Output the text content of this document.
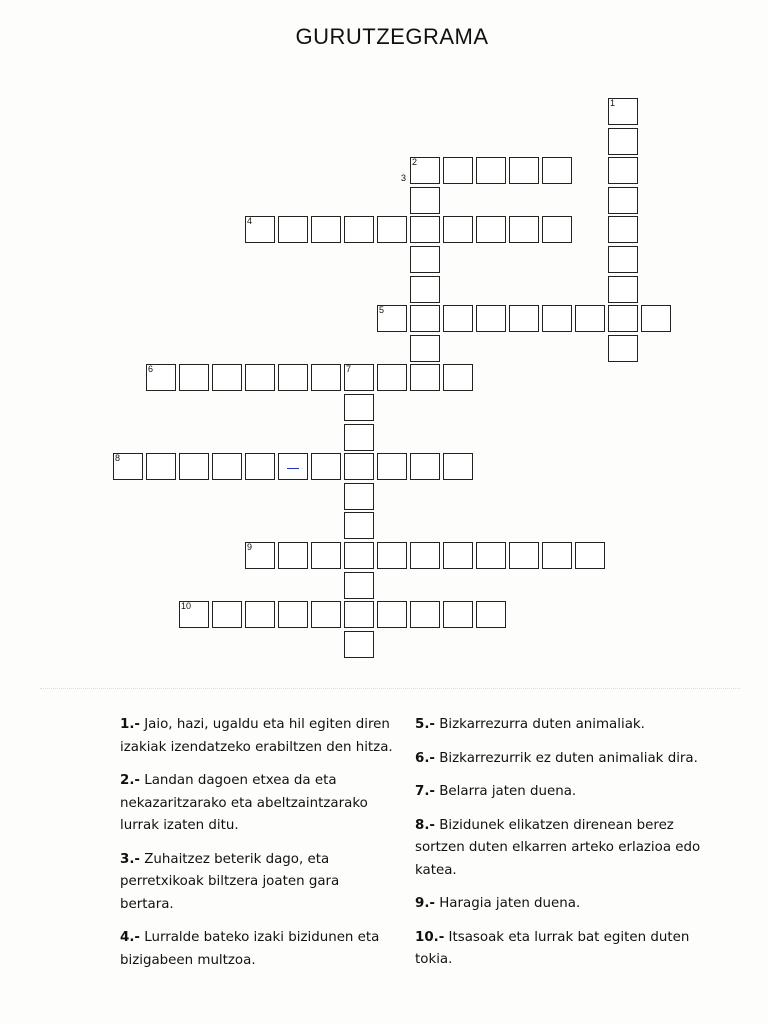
GURUTZEGRAMA
1
2
4
5
6	7
8
9
10
3

1.- Jaio, hazi, ugaldu eta hil egiten diren izakiak izendatzeko erabiltzen den hitza.

2.- Landan dagoen etxea da eta nekazaritzarako eta abeltzaintzarako lurrak izaten ditu.

3.- Zuhaitzez beterik dago, eta perretxikoak biltzera joaten gara bertara.

4.- Lurralde bateko izaki bizidunen eta bizigabeen multzoa.

5.- Bizkarrezurra duten animaliak.

6.- Bizkarrezurrik ez duten animaliak dira.

7.- Belarra jaten duena.

8.- Bizidunek elikatzen direnean berez sortzen duten elkarren arteko erlazioa edo katea.

9.- Haragia jaten duena.

10.- Itsasoak eta lurrak bat egiten duten tokia.
